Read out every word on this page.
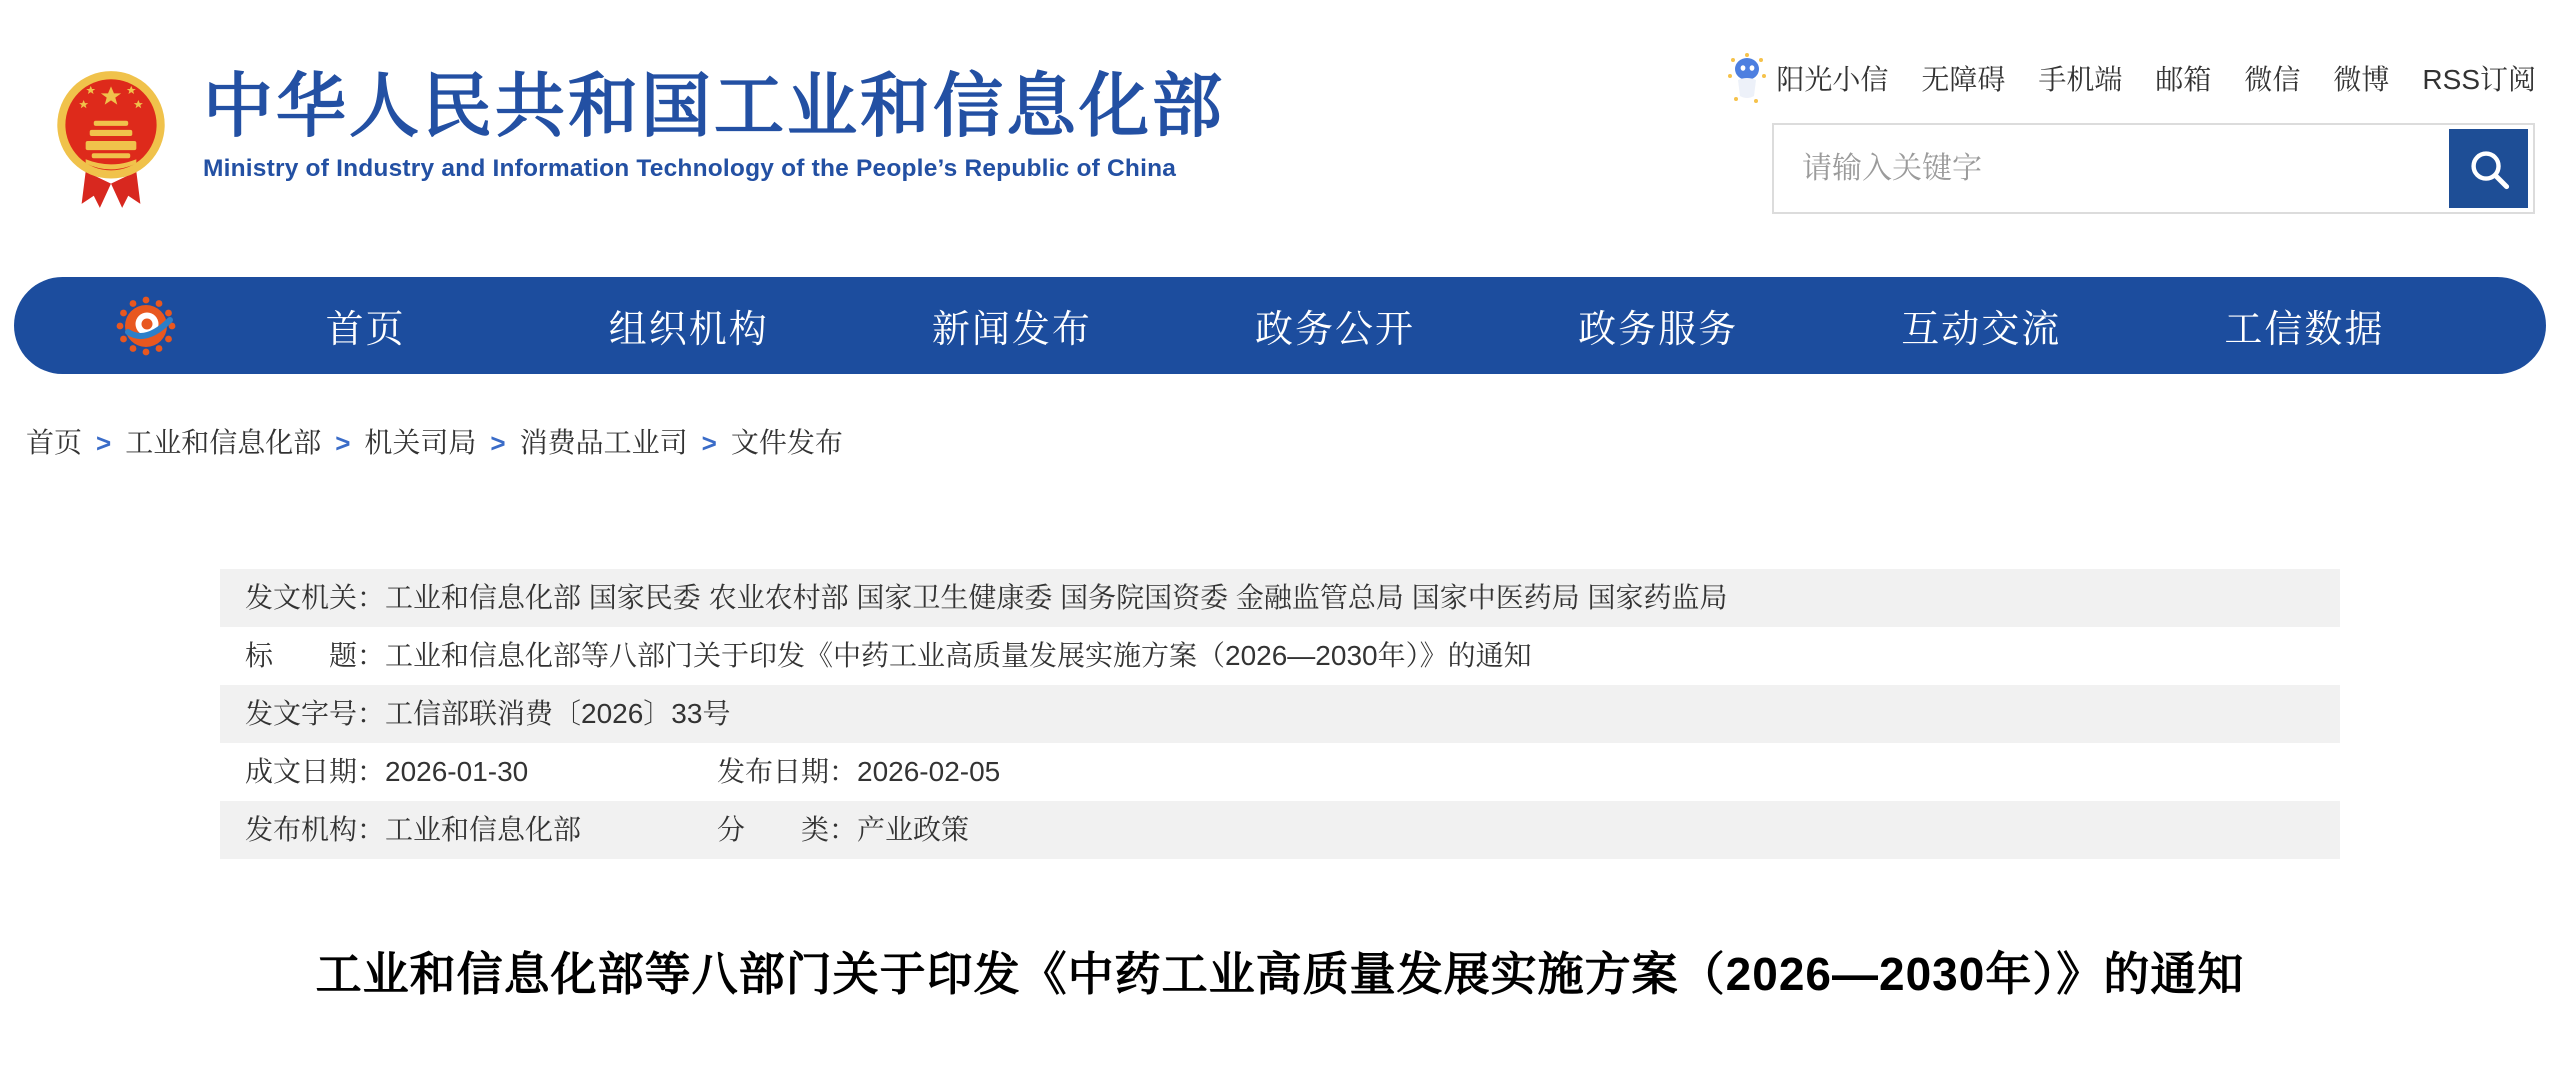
中华人民共和国工业和信息化部
Ministry of Industry and Information Technology of the People’s Republic of China
阳光小信 无障碍 手机端 邮箱 微信 微博 RSS订阅
请输入关键字
首页	组织机构	新闻发布	政务公开	政务服务	互动交流	工信数据
首页 > 工业和信息化部 > 机关司局 > 消费品工业司 > 文件发布
发文机关：工业和信息化部 国家民委 农业农村部 国家卫生健康委 国务院国资委 金融监管总局 国家中医药局 国家药监局
标　　题：工业和信息化部等八部门关于印发《中药工业高质量发展实施方案（2026—2030年）》的通知
发文字号：工信部联消费〔2026〕33号
成文日期：2026-01-30	发布日期：2026-02-05
发布机构：工业和信息化部	分　　类：产业政策
工业和信息化部等八部门关于印发《中药工业高质量发展实施方案（2026—2030年）》的通知
